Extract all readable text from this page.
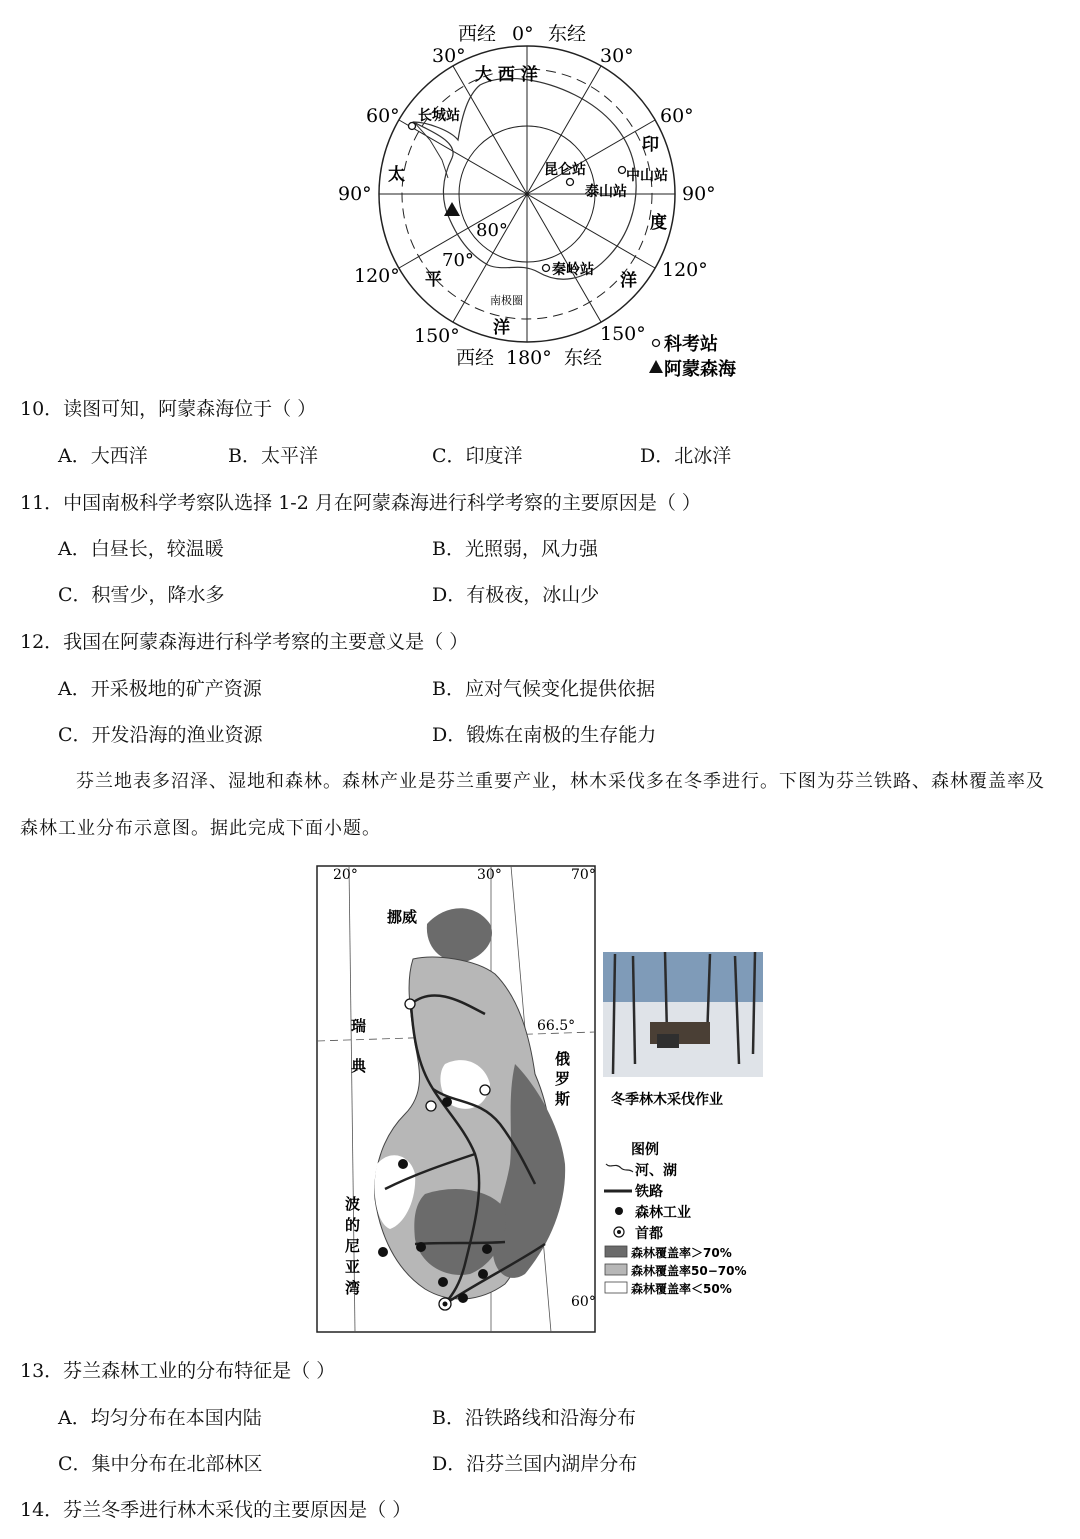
西经 0° 东经
30°	30°
60°	60°
90°	90°
120°	120°
150°	150°
西经 180° 东经
80°
70°
大 西 洋
印
度
洋
太
平
洋
南极圈
长城站
昆仑站	中山站
泰山站
秦岭站
科考站
阿蒙森海
10．读图可知，阿蒙森海位于（ ）
A．大西洋	B．太平洋	C．印度洋	D．北冰洋
11．中国南极科学考察队选择 1-2 月在阿蒙森海进行科学考察的主要原因是（ ）
A．白昼长，较温暖	B．光照弱，风力强
C．积雪少，降水多	D．有极夜，冰山少
12．我国在阿蒙森海进行科学考察的主要意义是（ ）
A．开采极地的矿产资源	B．应对气候变化提供依据
C．开发沿海的渔业资源	D．锻炼在南极的生存能力
芬兰地表多沼泽、湿地和森林。森林产业是芬兰重要产业，林木采伐多在冬季进行。下图为芬兰铁路、森林覆盖率及森林工业分布示意图。据此完成下面小题。
20°	30°	70°
66.5°
60°
挪威
瑞
典	俄
罗
斯
波
的
尼
亚
湾
冬季林木采伐作业
图例
河、湖
铁路
森林工业
首都
森林覆盖率＞70%
森林覆盖率50−70%
森林覆盖率＜50%
13．芬兰森林工业的分布特征是（ ）
A．均匀分布在本国内陆	B．沿铁路线和沿海分布
C．集中分布在北部林区	D．沿芬兰国内湖岸分布
14．芬兰冬季进行林木采伐的主要原因是（ ）
